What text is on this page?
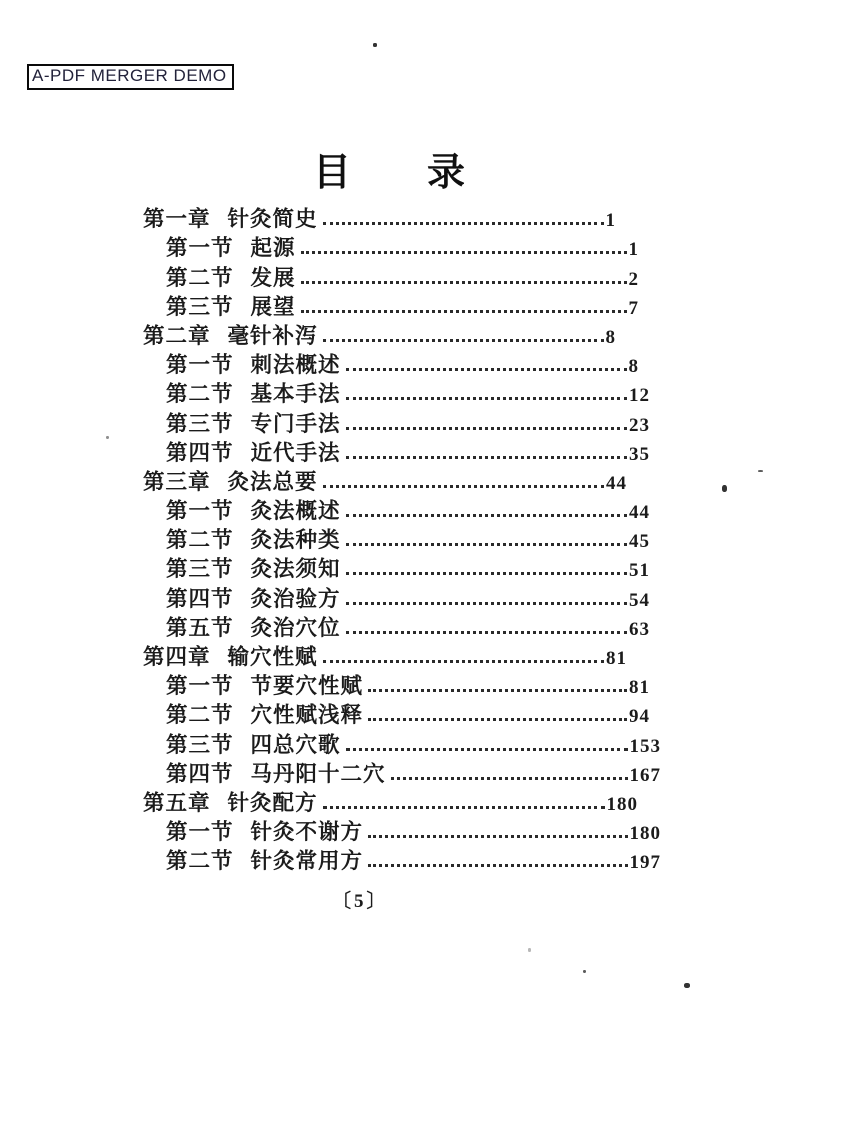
A-PDF MERGER DEMO
目　　录
第一章 针灸简史	1
第一节 起源	1
第二节 发展	2
第三节 展望	7
第二章 毫针补泻	8
第一节 刺法概述	8
第二节 基本手法	12
第三节 专门手法	23
第四节 近代手法	35
第三章 灸法总要	44
第一节 灸法概述	44
第二节 灸法种类	45
第三节 灸法须知	51
第四节 灸治验方	54
第五节 灸治穴位	63
第四章 输穴性赋	81
第一节 节要穴性赋	81
第二节 穴性赋浅释	94
第三节 四总穴歌	153
第四节 马丹阳十二穴	167
第五章 针灸配方	180
第一节 针灸不谢方	180
第二节 针灸常用方	197
〔5〕
